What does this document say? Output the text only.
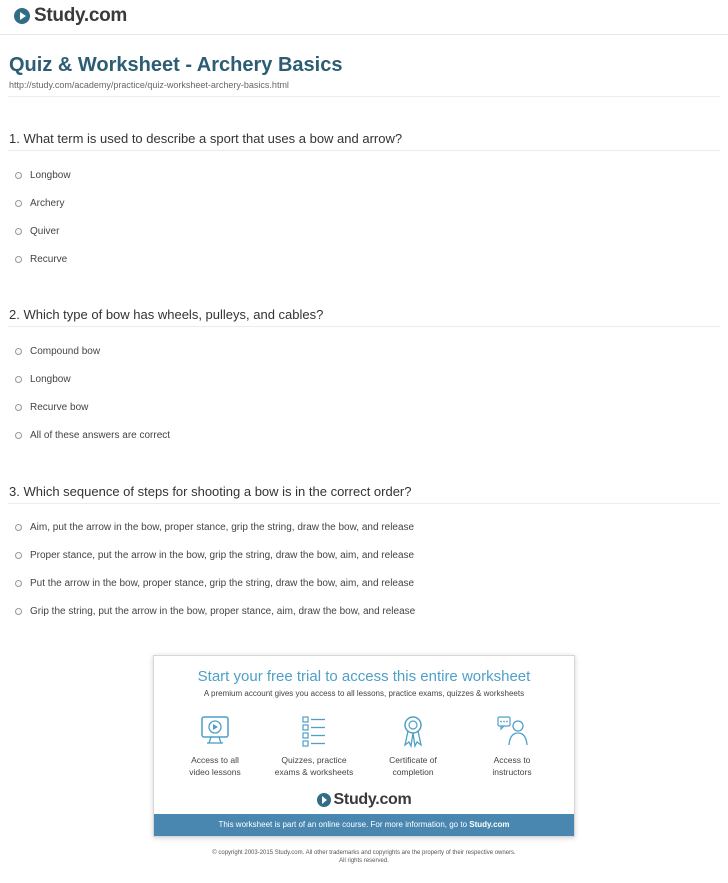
Study.com
Quiz & Worksheet - Archery Basics
http://study.com/academy/practice/quiz-worksheet-archery-basics.html
1. What term is used to describe a sport that uses a bow and arrow?
Longbow
Archery
Quiver
Recurve
2. Which type of bow has wheels, pulleys, and cables?
Compound bow
Longbow
Recurve bow
All of these answers are correct
3. Which sequence of steps for shooting a bow is in the correct order?
Aim, put the arrow in the bow, proper stance, grip the string, draw the bow, and release
Proper stance, put the arrow in the bow, grip the string, draw the bow, aim, and release
Put the arrow in the bow, proper stance, grip the string, draw the bow, aim, and release
Grip the string, put the arrow in the bow, proper stance, aim, draw the bow, and release
Start your free trial to access this entire worksheet
A premium account gives you access to all lessons, practice exams, quizzes & worksheets
Access to all
video lessons
Quizzes, practice
exams & worksheets
Certificate of
completion
Access to
instructors
Study.com
This worksheet is part of an online course. For more information, go to Study.com
© copyright 2003-2015 Study.com. All other trademarks and copyrights are the property of their respective owners.
All rights reserved.
